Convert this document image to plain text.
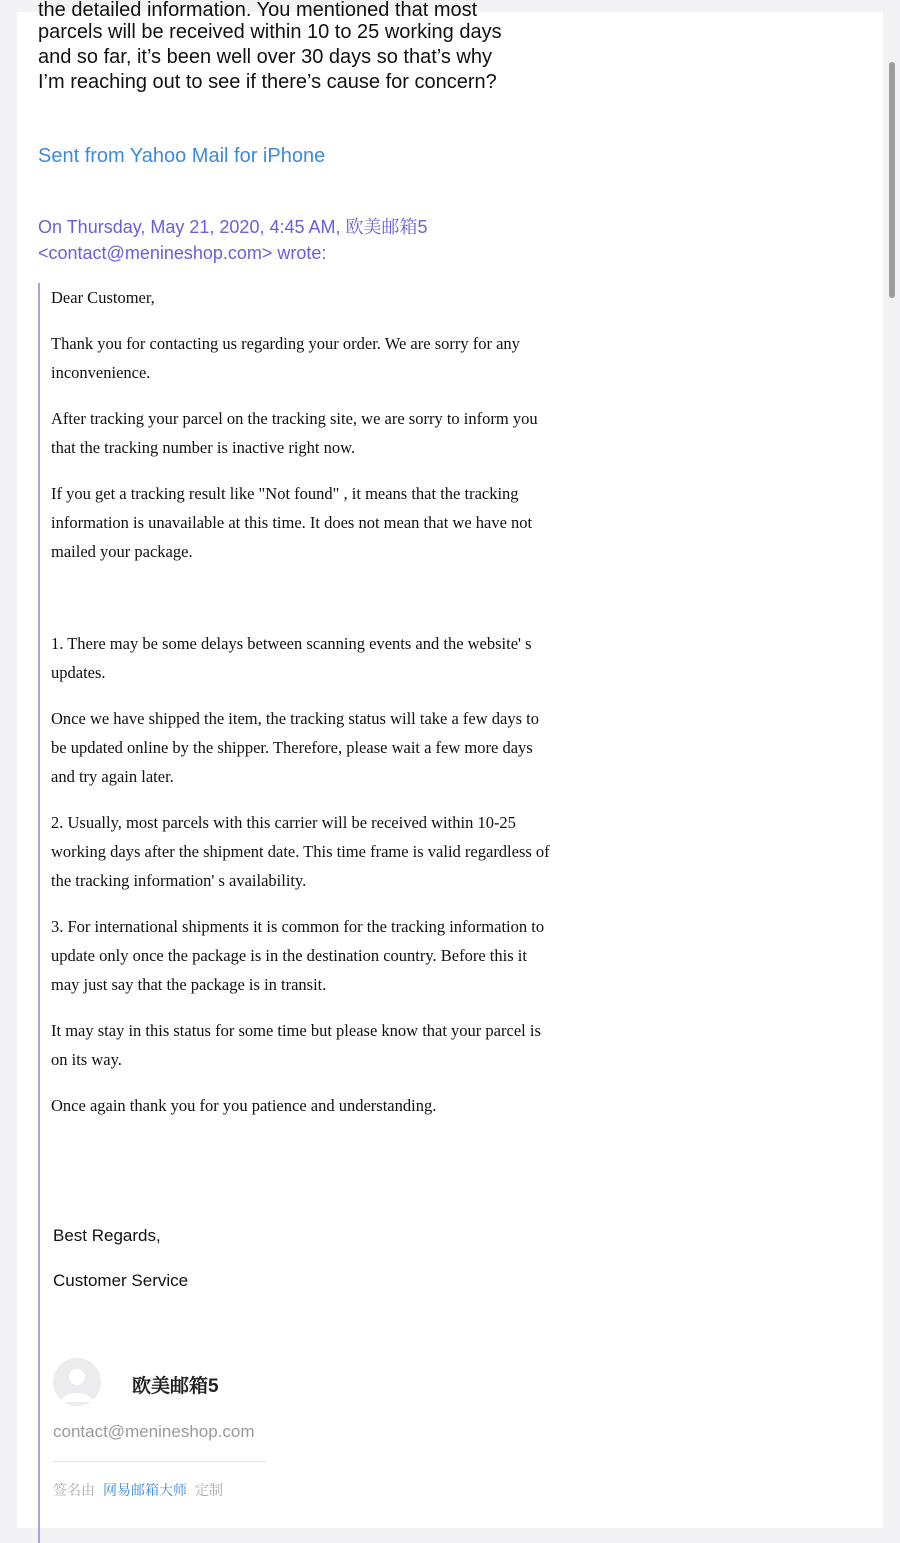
the detailed information. You mentioned that most

parcels will be received within 10 to 25 working days

and so far, it’s been well over 30 days so that’s why

I’m reaching out to see if there’s cause for concern?

Sent from Yahoo Mail for iPhone
On Thursday, May 21, 2020, 4:45 AM, 欧美邮箱5
<contact@menineshop.com> wrote:

Dear Customer,

Thank you for contacting us regarding your order. We are sorry for any inconvenience.

After tracking your parcel on the tracking site, we are sorry to inform you that the tracking number is inactive right now.

If you get a tracking result like "Not found" , it means that the tracking information is unavailable at this time. It does not mean that we have not mailed your package.

1. There may be some delays between scanning events and the website' s updates.

Once we have shipped the item, the tracking status will take a few days to be updated online by the shipper. Therefore, please wait a few more days and try again later.

2. Usually, most parcels with this carrier will be received within 10-25 working days after the shipment date. This time frame is valid regardless of the tracking information' s availability.

3. For international shipments it is common for the tracking information to update only once the package is in the destination country. Before this it may just say that the package is in transit.

It may stay in this status for some time but please know that your parcel is on its way.

Once again thank you for you patience and understanding.

Best Regards,

Customer Service

欧美邮箱5
contact@menineshop.com
签名由 网易邮箱大师 定制
